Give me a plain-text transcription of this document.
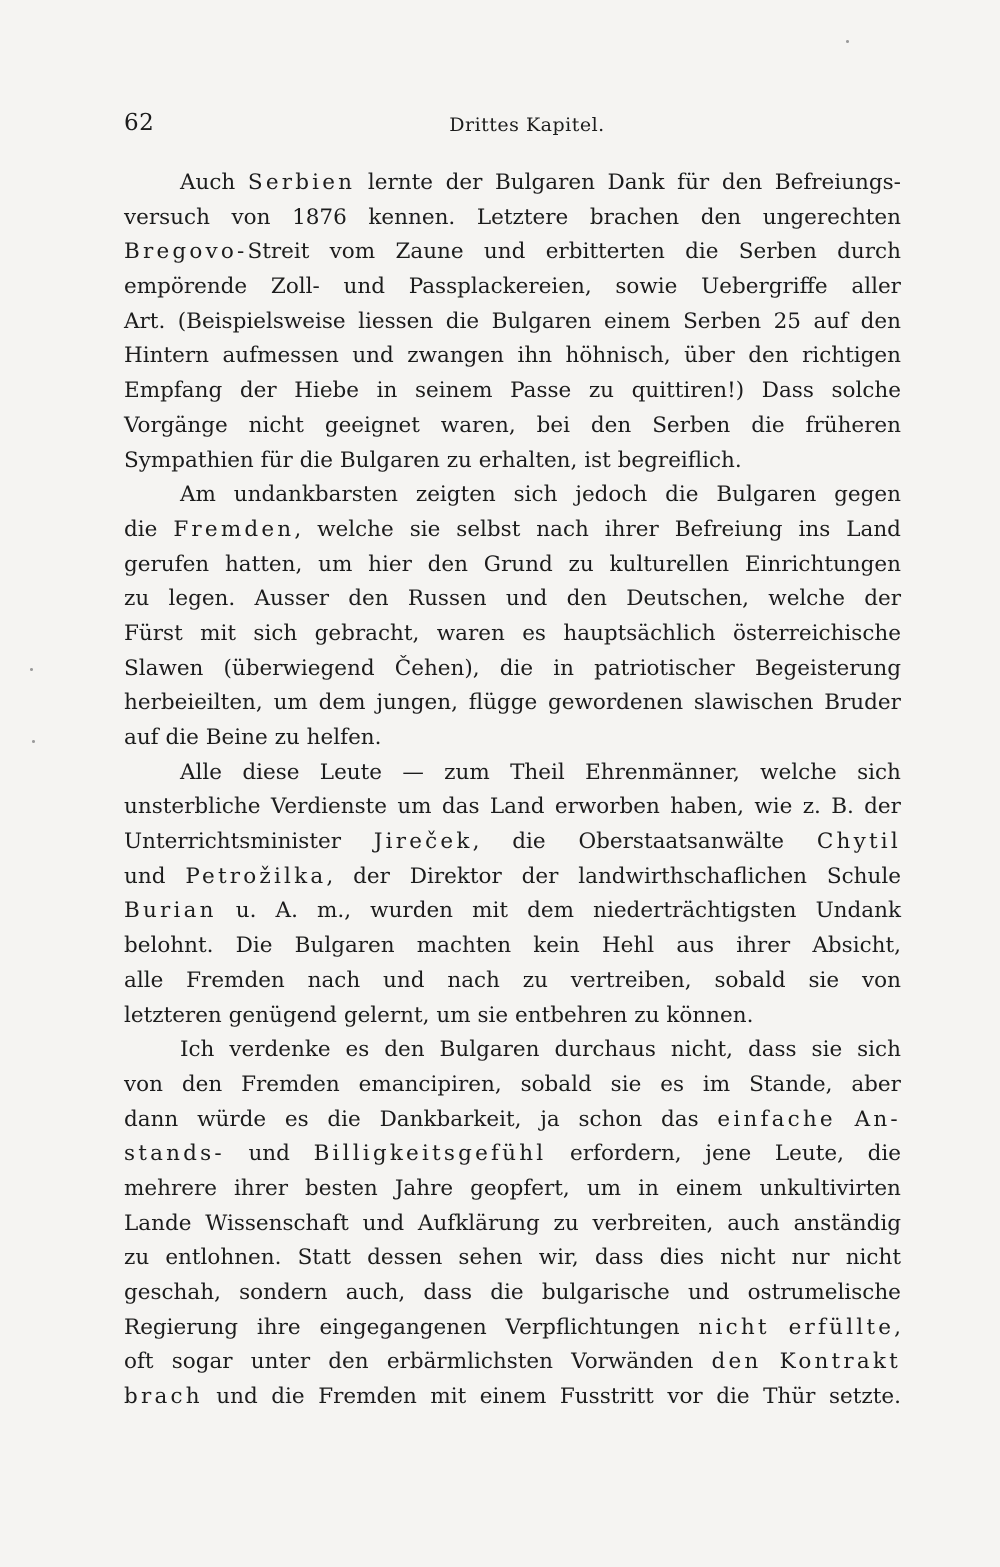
62	Drittes Kapitel.
Auch Serbien lernte der Bulgaren Dank für den Befreiungs-
versuch von 1876 kennen. Letztere brachen den ungerechten
Bregovo-Streit vom Zaune und erbitterten die Serben durch
empörende Zoll- und Passplackereien, sowie Uebergriffe aller
Art. (Beispielsweise liessen die Bulgaren einem Serben 25 auf den
Hintern aufmessen und zwangen ihn höhnisch, über den richtigen
Empfang der Hiebe in seinem Passe zu quittiren!) Dass solche
Vorgänge nicht geeignet waren, bei den Serben die früheren
Sympathien für die Bulgaren zu erhalten, ist begreiflich.
Am undankbarsten zeigten sich jedoch die Bulgaren gegen
die Fremden, welche sie selbst nach ihrer Befreiung ins Land
gerufen hatten, um hier den Grund zu kulturellen Einrichtungen
zu legen. Ausser den Russen und den Deutschen, welche der
Fürst mit sich gebracht, waren es hauptsächlich österreichische
Slawen (überwiegend Čehen), die in patriotischer Begeisterung
herbeieilten, um dem jungen, flügge gewordenen slawischen Bruder
auf die Beine zu helfen.
Alle diese Leute — zum Theil Ehrenmänner, welche sich
unsterbliche Verdienste um das Land erworben haben, wie z. B. der
Unterrichtsminister Jireček, die Oberstaatsanwälte Chytil
und Petrožilka, der Direktor der landwirthschaflichen Schule
Burian u. A. m., wurden mit dem niederträchtigsten Undank
belohnt. Die Bulgaren machten kein Hehl aus ihrer Absicht,
alle Fremden nach und nach zu vertreiben, sobald sie von
letzteren genügend gelernt, um sie entbehren zu können.
Ich verdenke es den Bulgaren durchaus nicht, dass sie sich
von den Fremden emancipiren, sobald sie es im Stande, aber
dann würde es die Dankbarkeit, ja schon das einfache An-
stands- und Billigkeitsgefühl erfordern, jene Leute, die
mehrere ihrer besten Jahre geopfert, um in einem unkultivirten
Lande Wissenschaft und Aufklärung zu verbreiten, auch anständig
zu entlohnen. Statt dessen sehen wir, dass dies nicht nur nicht
geschah, sondern auch, dass die bulgarische und ostrumelische
Regierung ihre eingegangenen Verpflichtungen nicht erfüllte,
oft sogar unter den erbärmlichsten Vorwänden den Kontrakt
brach und die Fremden mit einem Fusstritt vor die Thür setzte.
